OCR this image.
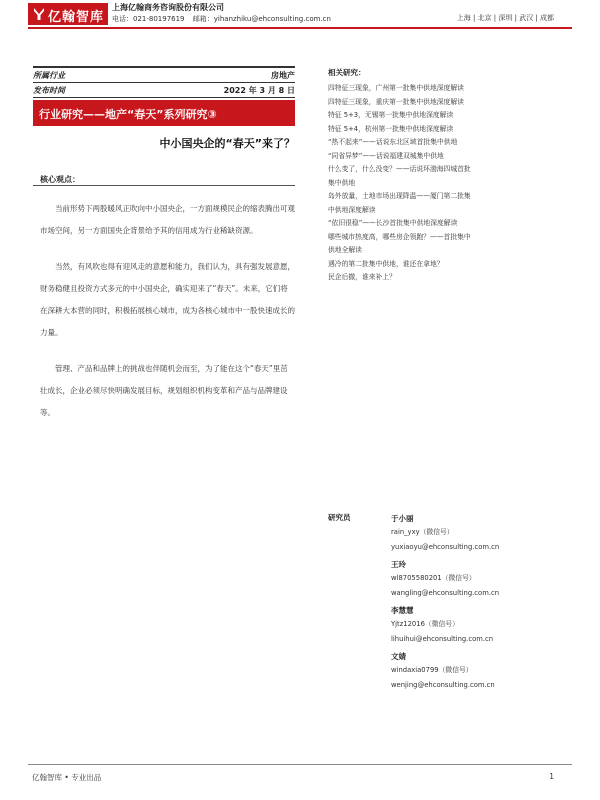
亿翰智库
上海亿翰商务咨询股份有限公司
电话：021-80197619 邮箱：yihanzhiku@ehconsulting.com.cn	上海 | 北京 | 深圳 | 武汉 | 成都
所属行业	房地产
发布时间	2022 年 3 月 8 日
行业研究——地产“春天”系列研究③
中小国央企的“春天”来了？
核心观点：

当前形势下两股暖风正吹向中小国央企，一方面规模民企的缩表腾出可观市场空间，另一方面国央企背景给予其的信用成为行业稀缺资源。

当然，有风吹也得有迎风走的意愿和能力，我们认为，具有强发展意愿，财务稳健且投资方式多元的中小国央企，确实迎来了“春天”。未来，它们将在深耕大本营的同时，积极拓展核心城市，成为各核心城市中一股快速成长的力量。

管理、产品和品牌上的挑战也伴随机会而至，为了能在这个“春天”里茁壮成长，企业必须尽快明确发展目标，规划组织机构变革和产品与品牌建设等。

相关研究：
四特征三现象，广州第一批集中供地深度解读
四特征三现象，重庆第一批集中供地深度解读
特征 5+3，无锡第一批集中供地深度解读
特征 5+4，杭州第一批集中供地深度解读
“热不起来”——话说东北区域首批集中供地
“同省异梦”——话说福建双城集中供地
什么变了，什么没变？——话说环渤海四城首批
集中供地
岛外放量，土地市场出现降温——厦门第二批集
中供地深度解读
“依旧很稳”——长沙首批集中供地深度解读
哪些城市热度高，哪些房企领跑？——首批集中
供地全解读
遇冷的第二批集中供地，谁还在拿地？
民企后撤，谁来补上？
研究员	于小丽
rain_yxy（微信号）
yuxiaoyu@ehconsulting.com.cn
王玲
wl8705580201（微信号）
wangling@ehconsulting.com.cn
李慧慧
Yjtz12016（微信号）
lihuihui@ehconsulting.com.cn
文婧
windaxia0799（微信号）
wenjing@ehconsulting.com.cn
亿翰智库 • 专业出品	1
